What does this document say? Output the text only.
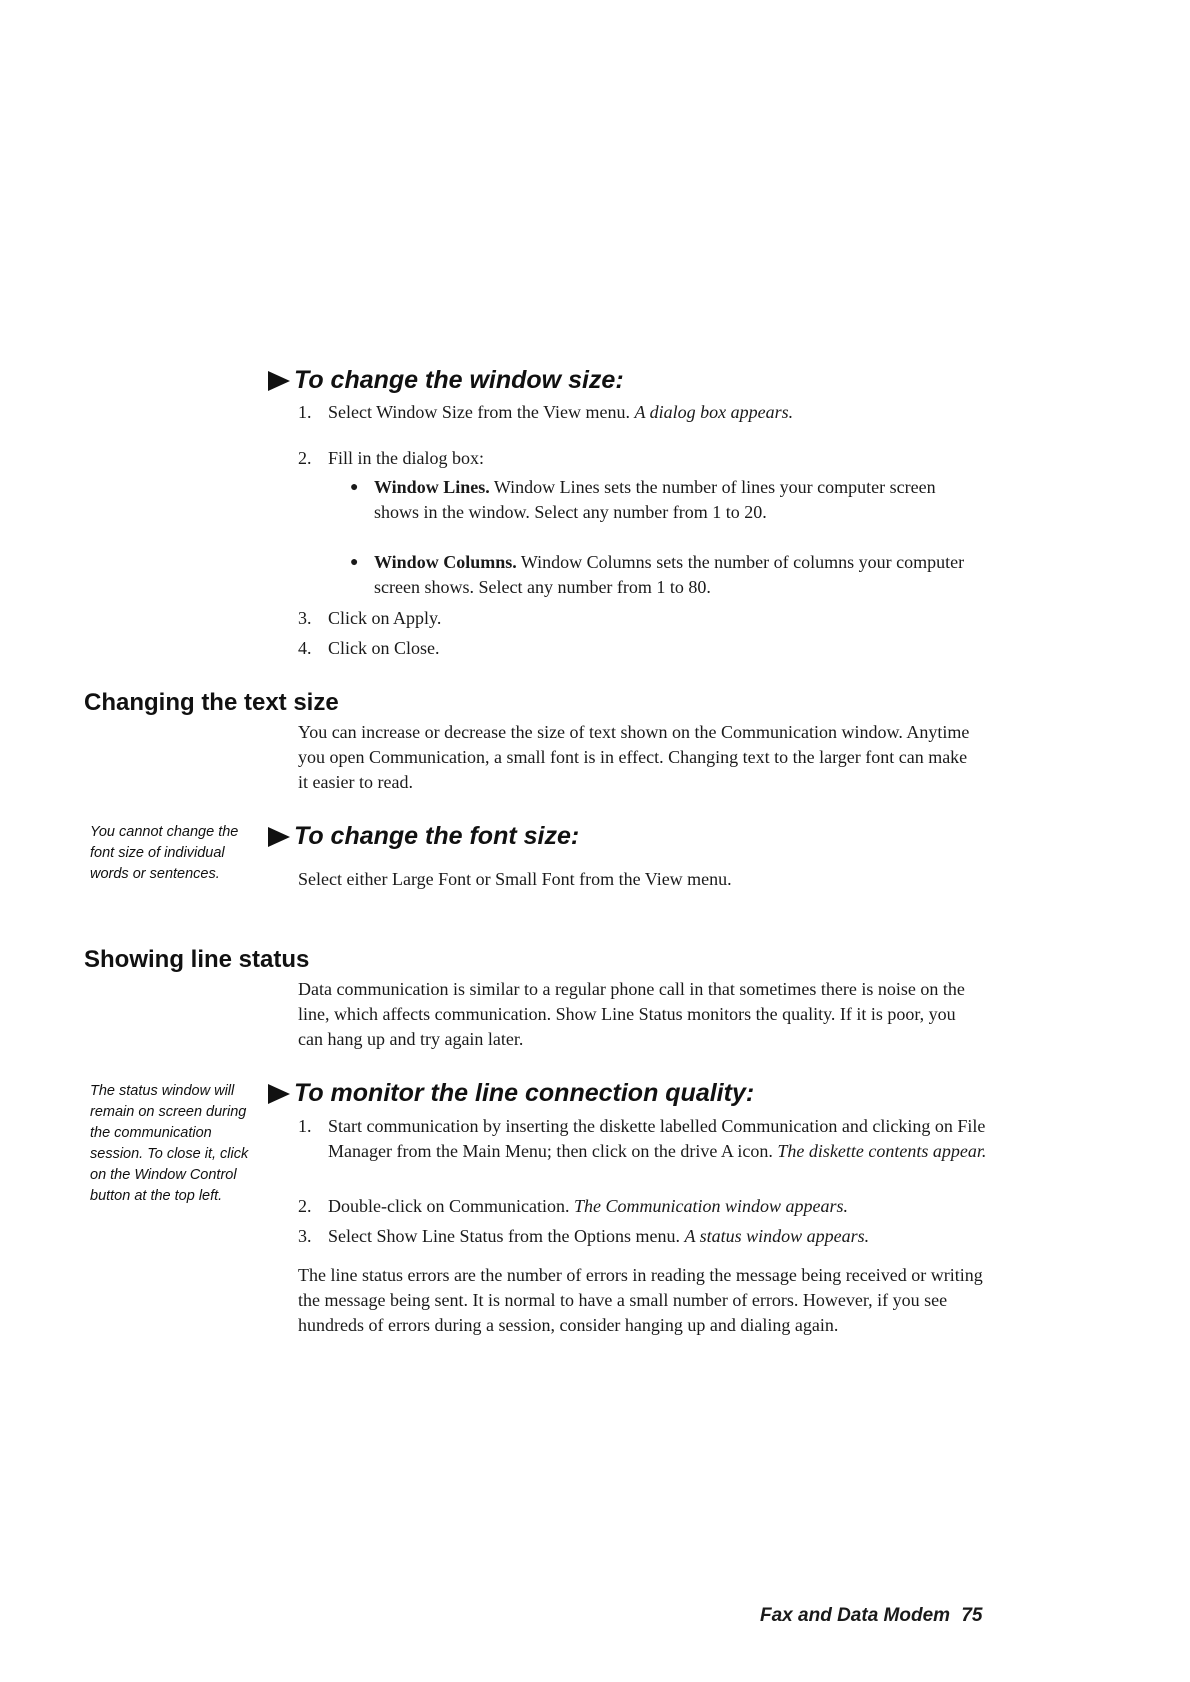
To change the window size:
1. Select Window Size from the View menu. A dialog box appears.
2. Fill in the dialog box:
● Window Lines. Window Lines sets the number of lines your computer screen shows in the window. Select any number from 1 to 20.
● Window Columns. Window Columns sets the number of columns your computer screen shows. Select any number from 1 to 80.
3. Click on Apply.
4. Click on Close.
Changing the text size
You can increase or decrease the size of text shown on the Communication window. Anytime you open Communication, a small font is in effect. Changing text to the larger font can make it easier to read.
You cannot change the font size of individual words or sentences.
To change the font size:
Select either Large Font or Small Font from the View menu.
Showing line status
Data communication is similar to a regular phone call in that sometimes there is noise on the line, which affects communication. Show Line Status monitors the quality. If it is poor, you can hang up and try again later.
The status window will remain on screen during the communication session. To close it, click on the Window Control button at the top left.
To monitor the line connection quality:
1. Start communication by inserting the diskette labelled Communication and clicking on File Manager from the Main Menu; then click on the drive A icon. The diskette contents appear.
2. Double-click on Communication. The Communication window appears.
3. Select Show Line Status from the Options menu. A status window appears.
The line status errors are the number of errors in reading the message being received or writing the message being sent. It is normal to have a small number of errors. However, if you see hundreds of errors during a session, consider hanging up and dialing again.
Fax and Data Modem 75
